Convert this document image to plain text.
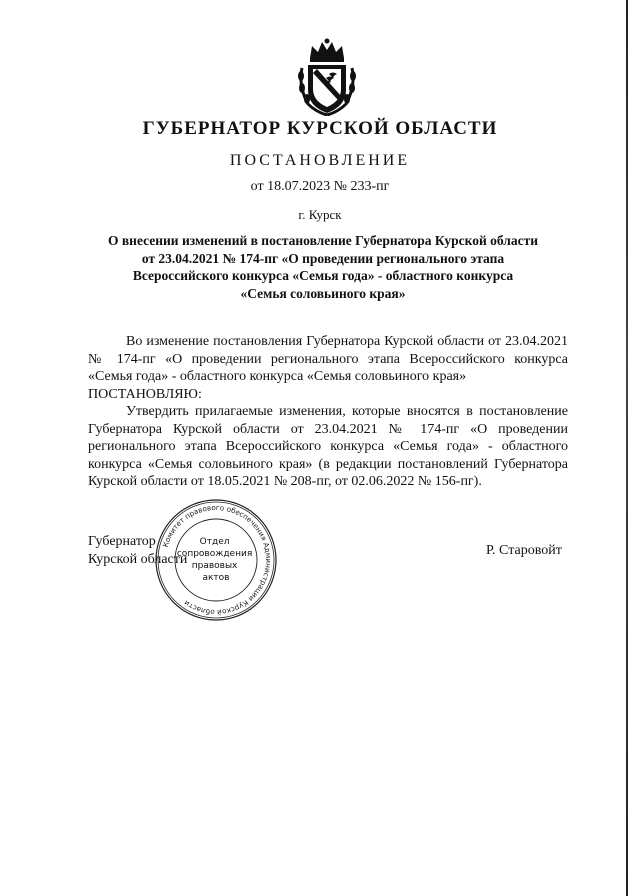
ГУБЕРНАТОР КУРСКОЙ ОБЛАСТИ
ПОСТАНОВЛЕНИЕ
от 18.07.2023 № 233-пг
г. Курск
О внесении изменений в постановление Губернатора Курской области
от 23.04.2021 № 174-пг «О проведении регионального этапа
Всероссийского конкурса «Семья года» - областного конкурса
«Семья соловьиного края»

Во изменение постановления Губернатора Курской области от 23.04.2021 № 174-пг «О проведении регионального этапа Всероссийского конкурса «Семья года» - областного конкурса «Семья соловьиного края»

ПОСТАНОВЛЯЮ:

Утвердить прилагаемые изменения, которые вносятся в постановление Губернатора Курской области от 23.04.2021 № 174-пг «О проведении регионального этапа Всероссийского конкурса «Семья года» - областного конкурса «Семья соловьиного края» (в редакции постановлений Губернатора Курской области от 18.05.2021 № 208-пг, от 02.06.2022 № 156-пг).

Комитет правового обеспечения Администрации Курской области
Отдел сопровождения правовых актов
Губернатор
Курской области
Р. Старовойт
